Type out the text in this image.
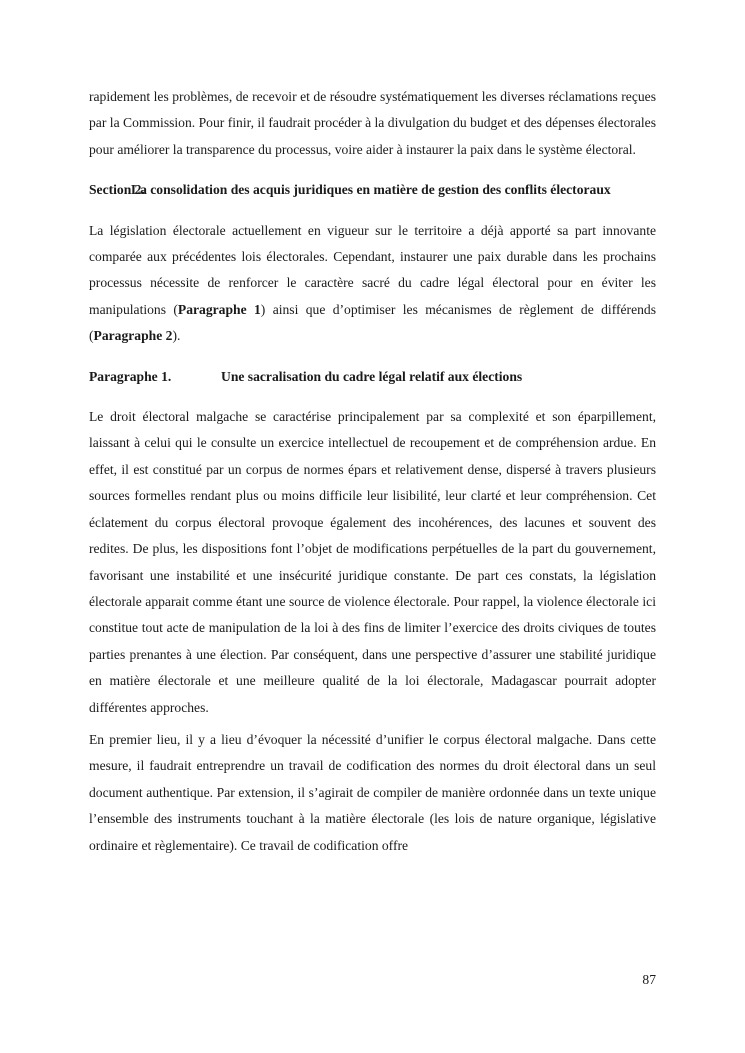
rapidement les problèmes, de recevoir et de résoudre systématiquement les diverses réclamations reçues par la Commission. Pour finir, il faudrait procéder à la divulgation du budget et des dépenses électorales pour améliorer la transparence du processus, voire aider à instaurer la paix dans le système électoral.

Section 2.
La consolidation des acquis juridiques en matière de gestion des conflits électoraux

La législation électorale actuellement en vigueur sur le territoire a déjà apporté sa part innovante comparée aux précédentes lois électorales. Cependant, instaurer une paix durable dans les prochains processus nécessite de renforcer le caractère sacré du cadre légal électoral pour en éviter les manipulations (Paragraphe 1) ainsi que d’optimiser les mécanismes de règlement de différends (Paragraphe 2).

Paragraphe 1.	Une sacralisation du cadre légal relatif aux élections

Le droit électoral malgache se caractérise principalement par sa complexité et son éparpillement, laissant à celui qui le consulte un exercice intellectuel de recoupement et de compréhension ardue. En effet, il est constitué par un corpus de normes épars et relativement dense, dispersé à travers plusieurs sources formelles rendant plus ou moins difficile leur lisibilité, leur clarté et leur compréhension. Cet éclatement du corpus électoral provoque également des incohérences, des lacunes et souvent des redites. De plus, les dispositions font l’objet de modifications perpétuelles de la part du gouvernement, favorisant une instabilité et une insécurité juridique constante. De part ces constats, la législation électorale apparait comme étant une source de violence électorale. Pour rappel, la violence électorale ici constitue tout acte de manipulation de la loi à des fins de limiter l’exercice des droits civiques de toutes parties prenantes à une élection. Par conséquent, dans une perspective d’assurer une stabilité juridique en matière électorale et une meilleure qualité de la loi électorale, Madagascar pourrait adopter différentes approches.

En premier lieu, il y a lieu d’évoquer la nécessité d’unifier le corpus électoral malgache. Dans cette mesure, il faudrait entreprendre un travail de codification des normes du droit électoral dans un seul document authentique. Par extension, il s’agirait de compiler de manière ordonnée dans un texte unique l’ensemble des instruments touchant à la matière électorale (les lois de nature organique, législative ordinaire et règlementaire). Ce travail de codification offre

87
